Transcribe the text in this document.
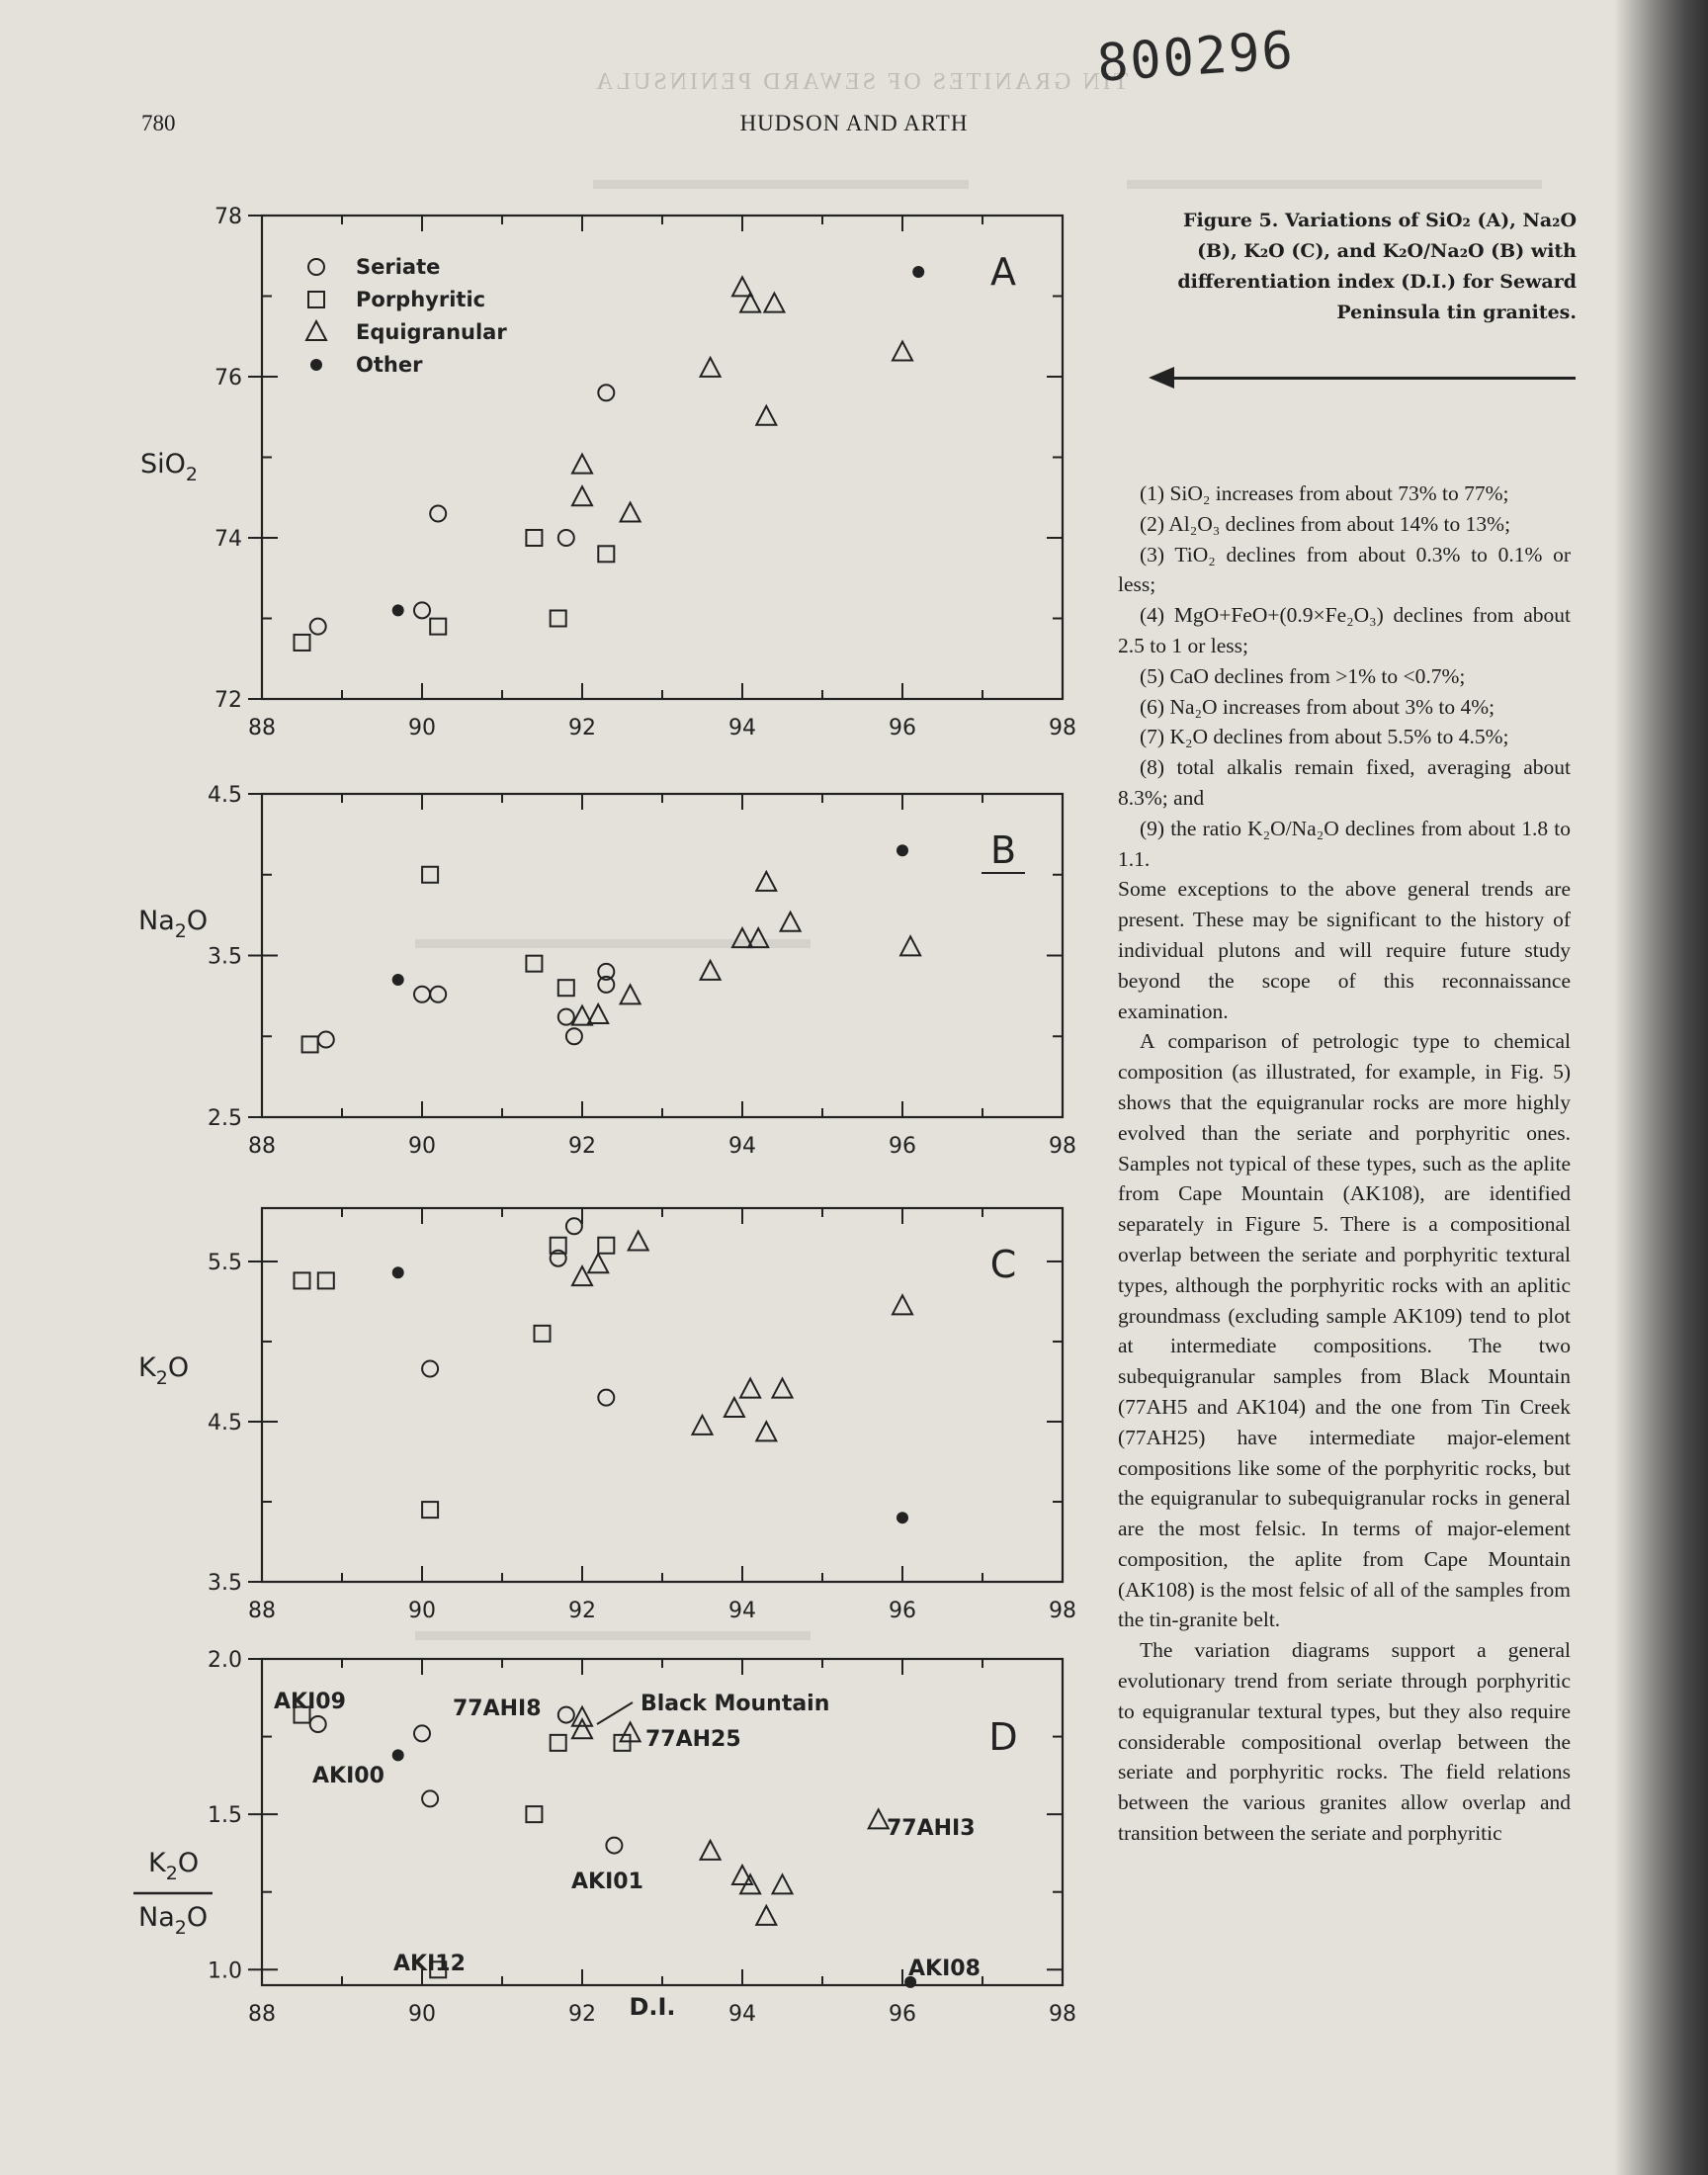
TIN GRANITES OF SEWARD PENINSULA
800296
780	HUDSON AND ARTH
88	90	92	94	96	98
78
76
74
72
A
88	90	92	94	96	98
4.5
3.5
2.5
B
88	90	92	94	96	98
5.5
4.5
3.5
C
88	90	92	94	96	98
2.0
1.5
1.0
D
Seriate
Porphyritic
Equigranular
Other
SiO$_2$
$Na_2O$
$K_2O$
$K_2O$
$Na_2O$
D.I.
AKI09
AKI00
77AHI8	Black Mountain
77AH25
77AHI3
AKI01
AKI12	AKI08
Figure 5. Variations of SiO₂ (A), Na₂O (B), K₂O (C), and K₂O/Na₂O (B) with differentiation index (D.I.) for Seward Peninsula tin granites.

(1) SiO₂ increases from about 73% to 77%;

(2) Al₂O₃ declines from about 14% to 13%;

(3) TiO₂ declines from about 0.3% to 0.1% or less;

(4) MgO+FeO+(0.9×Fe₂O₃) declines from about 2.5 to 1 or less;

(5) CaO declines from >1% to <0.7%;

(6) Na₂O increases from about 3% to 4%;

(7) K₂O declines from about 5.5% to 4.5%;

(8) total alkalis remain fixed, averaging about 8.3%; and

(9) the ratio K₂O/Na₂O declines from about 1.8 to 1.1.

Some exceptions to the above general trends are present. These may be significant to the history of individual plutons and will require future study beyond the scope of this reconnaissance examination.

A comparison of petrologic type to chemical composition (as illustrated, for example, in Fig. 5) shows that the equigranular rocks are more highly evolved than the seriate and porphyritic ones. Samples not typical of these types, such as the aplite from Cape Mountain (AK108), are identified separately in Figure 5. There is a compositional overlap between the seriate and porphyritic textural types, although the porphyritic rocks with an aplitic groundmass (excluding sample AK109) tend to plot at intermediate compositions. The two subequigranular samples from Black Mountain (77AH5 and AK104) and the one from Tin Creek (77AH25) have intermediate major-element compositions like some of the porphyritic rocks, but the equigranular to subequigranular rocks in general are the most felsic. In terms of major-element composition, the aplite from Cape Mountain (AK108) is the most felsic of all of the samples from the tin-granite belt.

The variation diagrams support a general evolutionary trend from seriate through porphyritic to equigranular textural types, but they also require considerable compositional overlap between the seriate and porphyritic rocks. The field relations between the various granites allow overlap and transition between the seriate and porphyritic
